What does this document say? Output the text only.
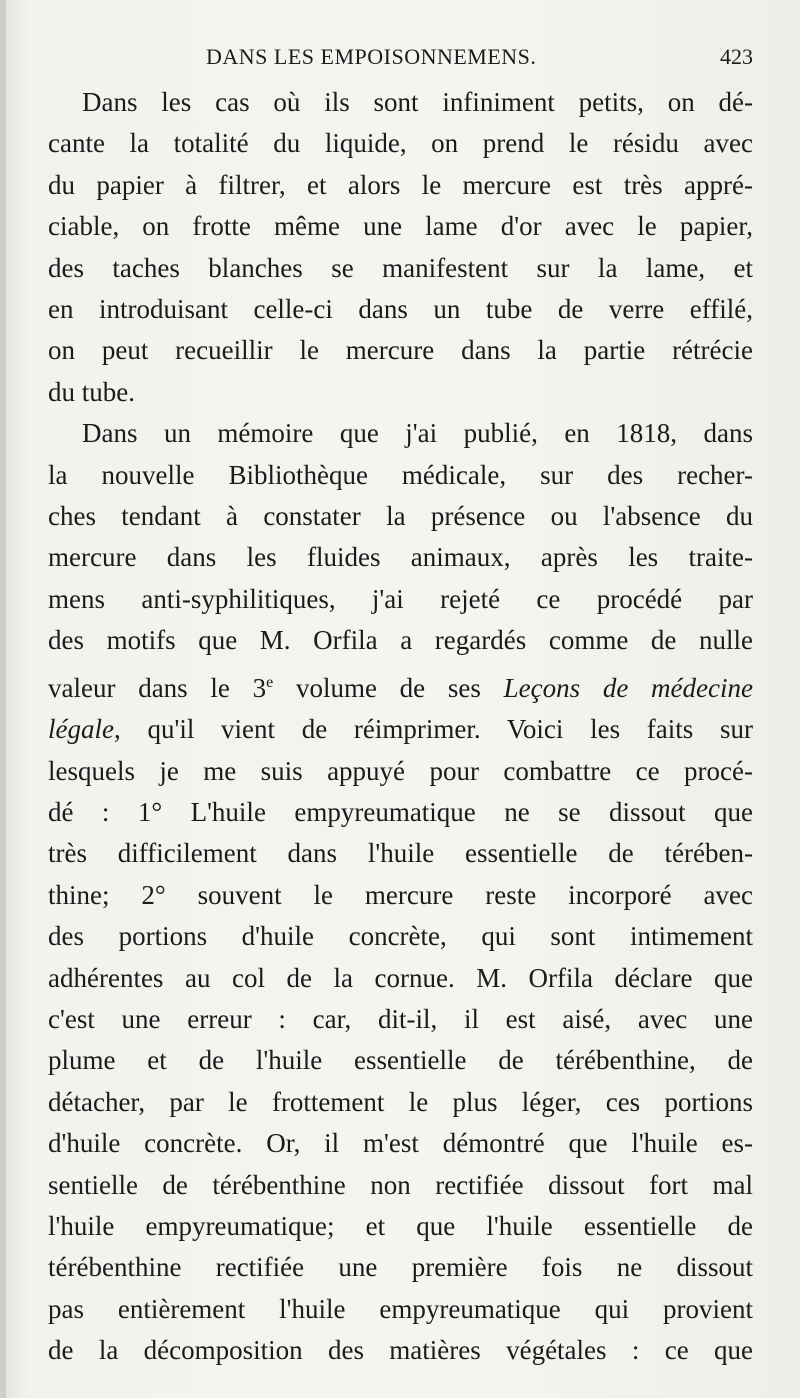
DANS LES EMPOISONNEMENS.	423

Dans les cas où ils sont infiniment petits, on dé-
cante la totalité du liquide, on prend le résidu avec
du papier à filtrer, et alors le mercure est très appré-
ciable, on frotte même une lame d'or avec le papier,
des taches blanches se manifestent sur la lame, et
en introduisant celle-ci dans un tube de verre effilé,
on peut recueillir le mercure dans la partie rétrécie
du tube.

Dans un mémoire que j'ai publié, en 1818, dans
la nouvelle Bibliothèque médicale, sur des recher-
ches tendant à constater la présence ou l'absence du
mercure dans les fluides animaux, après les traite-
mens anti-syphilitiques, j'ai rejeté ce procédé par
des motifs que M. Orfila a regardés comme de nulle
valeur dans le 3e volume de ses Leçons de médecine
légale, qu'il vient de réimprimer. Voici les faits sur
lesquels je me suis appuyé pour combattre ce procé-
dé : 1° L'huile empyreumatique ne se dissout que
très difficilement dans l'huile essentielle de térében-
thine; 2° souvent le mercure reste incorporé avec
des portions d'huile concrète, qui sont intimement
adhérentes au col de la cornue. M. Orfila déclare que
c'est une erreur : car, dit-il, il est aisé, avec une
plume et de l'huile essentielle de térébenthine, de
détacher, par le frottement le plus léger, ces portions
d'huile concrète. Or, il m'est démontré que l'huile es-
sentielle de térébenthine non rectifiée dissout fort mal
l'huile empyreumatique; et que l'huile essentielle de
térébenthine rectifiée une première fois ne dissout
pas entièrement l'huile empyreumatique qui provient
de la décomposition des matières végétales : ce que
